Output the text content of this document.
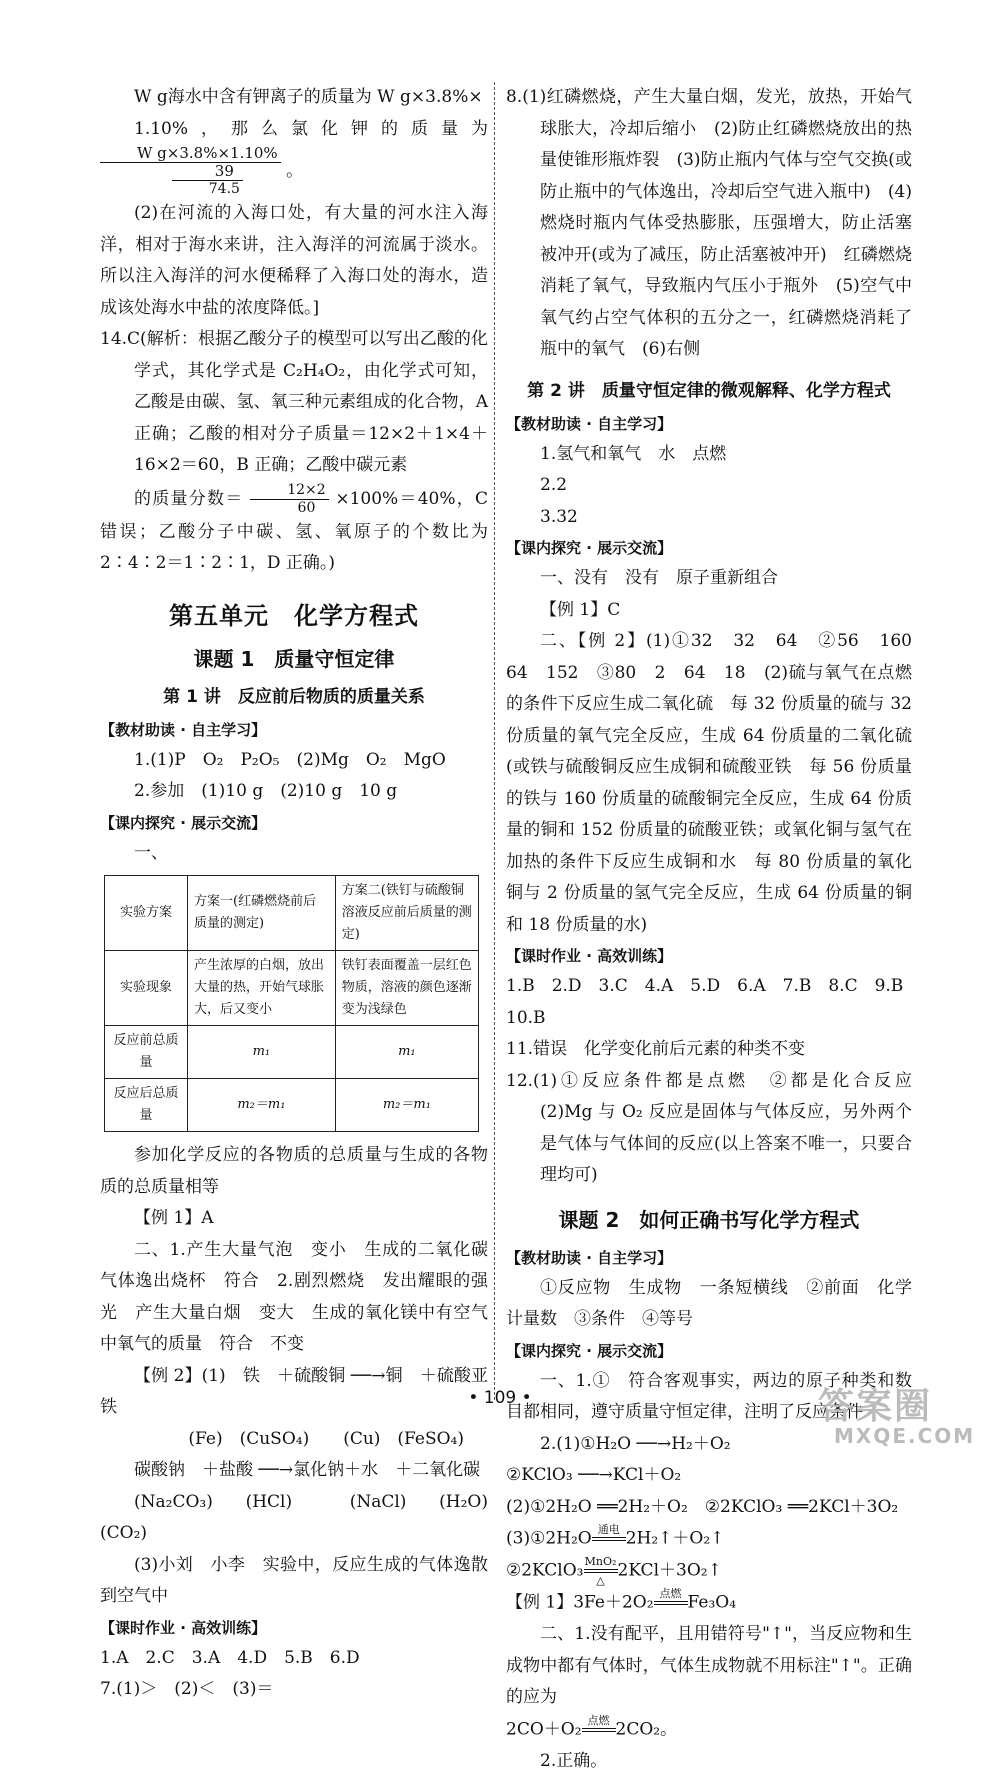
W g海水中含有钾离子的质量为 W g×3.8%×

1.10%，那么氯化钾的质量为
$\frac{\text{W g×3.8\%×1.10\%}}{\frac{39}{74.5}}$ 。

(2)在河流的入海口处，有大量的河水注入海洋，相对于海水来讲，注入海洋的河流属于淡水。所以注入海洋的河水便稀释了入海口处的海水，造成该处海水中盐的浓度降低。]

14.C(解析：根据乙酸分子的模型可以写出乙酸的化学式，其化学式是 C₂H₄O₂，由化学式可知，乙酸是由碳、氢、氧三种元素组成的化合物，A 正确；乙酸的相对分子质量＝12×2＋1×4＋16×2＝60，B 正确；乙酸中碳元素

的质量分数＝ $\frac{12\times 2}{60} \times 100\%=40\%$，C 错误；乙酸分子中碳、氢、氧原子的个数比为 2∶4∶2＝1∶2∶1，D 正确。)

第五单元　化学方程式
课题 1　质量守恒定律
第 1 讲　反应前后物质的质量关系

【教材助读 · 自主学习】

1.(1)P　O₂　P₂O₅　(2)Mg　O₂　MgO

2.参加　(1)10 g　(2)10 g　10 g

【课内探究 · 展示交流】

一、

实验方案	方案一(红磷燃烧前后质量的测定)	方案二(铁钉与硫酸铜溶液反应前后质量的测定)
实验现象	产生浓厚的白烟，放出大量的热，开始气球胀大，后又变小	铁钉表面覆盖一层红色物质，溶液的颜色逐渐变为浅绿色
反应前总质量	m₁	m₁
反应后总质量	m₂＝m₁	m₂＝m₁

参加化学反应的各物质的总质量与生成的各物质的总质量相等

【例 1】A

二、1.产生大量气泡　变小　生成的二氧化碳气体逸出烧杯　符合　2.剧烈燃烧　发出耀眼的强光　产生大量白烟　变大　生成的氧化镁中有空气中氧气的质量　符合　不变

【例 2】(1)　铁　＋硫酸铜 ──→铜　＋硫酸亚铁

(Fe)　(CuSO₄)　　(Cu)　(FeSO₄)

碳酸钠　＋盐酸 ──→氯化钠＋水　＋二氧化碳

(Na₂CO₃)　(HCl)　　(NaCl)　(H₂O)　(CO₂)

(3)小刘　小李　实验中，反应生成的气体逸散到空气中

【课时作业 · 高效训练】

1.A　2.C　3.A　4.D　5.B　6.D

7.(1)＞　(2)＜　(3)＝

8.(1)红磷燃烧，产生大量白烟，发光，放热，开始气球胀大，冷却后缩小　(2)防止红磷燃烧放出的热量使锥形瓶炸裂　(3)防止瓶内气体与空气交换(或防止瓶中的气体逸出，冷却后空气进入瓶中)　(4)燃烧时瓶内气体受热膨胀，压强增大，防止活塞被冲开(或为了减压，防止活塞被冲开)　红磷燃烧消耗了氧气，导致瓶内气压小于瓶外　(5)空气中氧气约占空气体积的五分之一，红磷燃烧消耗了瓶中的氧气　(6)右侧

第 2 讲　质量守恒定律的微观解释、化学方程式

【教材助读 · 自主学习】

1.氢气和氧气　水　点燃

2.2

3.32

【课内探究 · 展示交流】

一、没有　没有　原子重新组合

【例 1】C

二、【例 2】(1)①32　32　64　②56　160　64　152　③80　2　64　18　(2)硫与氧气在点燃的条件下反应生成二氧化硫　每 32 份质量的硫与 32 份质量的氧气完全反应，生成 64 份质量的二氧化硫(或铁与硫酸铜反应生成铜和硫酸亚铁　每 56 份质量的铁与 160 份质量的硫酸铜完全反应，生成 64 份质量的铜和 152 份质量的硫酸亚铁；或氧化铜与氢气在加热的条件下反应生成铜和水　每 80 份质量的氧化铜与 2 份质量的氢气完全反应，生成 64 份质量的铜和 18 份质量的水)

【课时作业 · 高效训练】

1.B　2.D　3.C　4.A　5.D　6.A　7.B　8.C　9.B

10.B

11.错误　化学变化前后元素的种类不变

12.(1)①反应条件都是点燃　②都是化合反应　(2)Mg 与 O₂ 反应是固体与气体反应，另外两个是气体与气体间的反应(以上答案不唯一，只要合理均可)

课题 2　如何正确书写化学方程式

【教材助读 · 自主学习】

①反应物　生成物　一条短横线　②前面　化学计量数　③条件　④等号

【课内探究 · 展示交流】

一、1.①　符合客观事实，两边的原子种类和数目都相同，遵守质量守恒定律，注明了反应条件

2.(1)①H₂O ──→H₂＋O₂

②KClO₃ ──→KCl＋O₂

(2)①2H₂O ══2H₂＋O₂　②2KClO₃ ══2KCl＋3O₂

(3)①2H₂O 通电 2H₂↑＋O₂↑

②2KClO₃ MnO₂
△ 2KCl＋3O₂↑

【例 1】3Fe＋2O₂ 点燃 Fe₃O₄

二、1.没有配平，且用错符号"↑"，当反应物和生成物中都有气体时，气体生成物就不用标注"↑"。正确的应为

2CO＋O₂ 点燃 2CO₂。

2.正确。

• 109 •	答案圈
MXQE.COM
